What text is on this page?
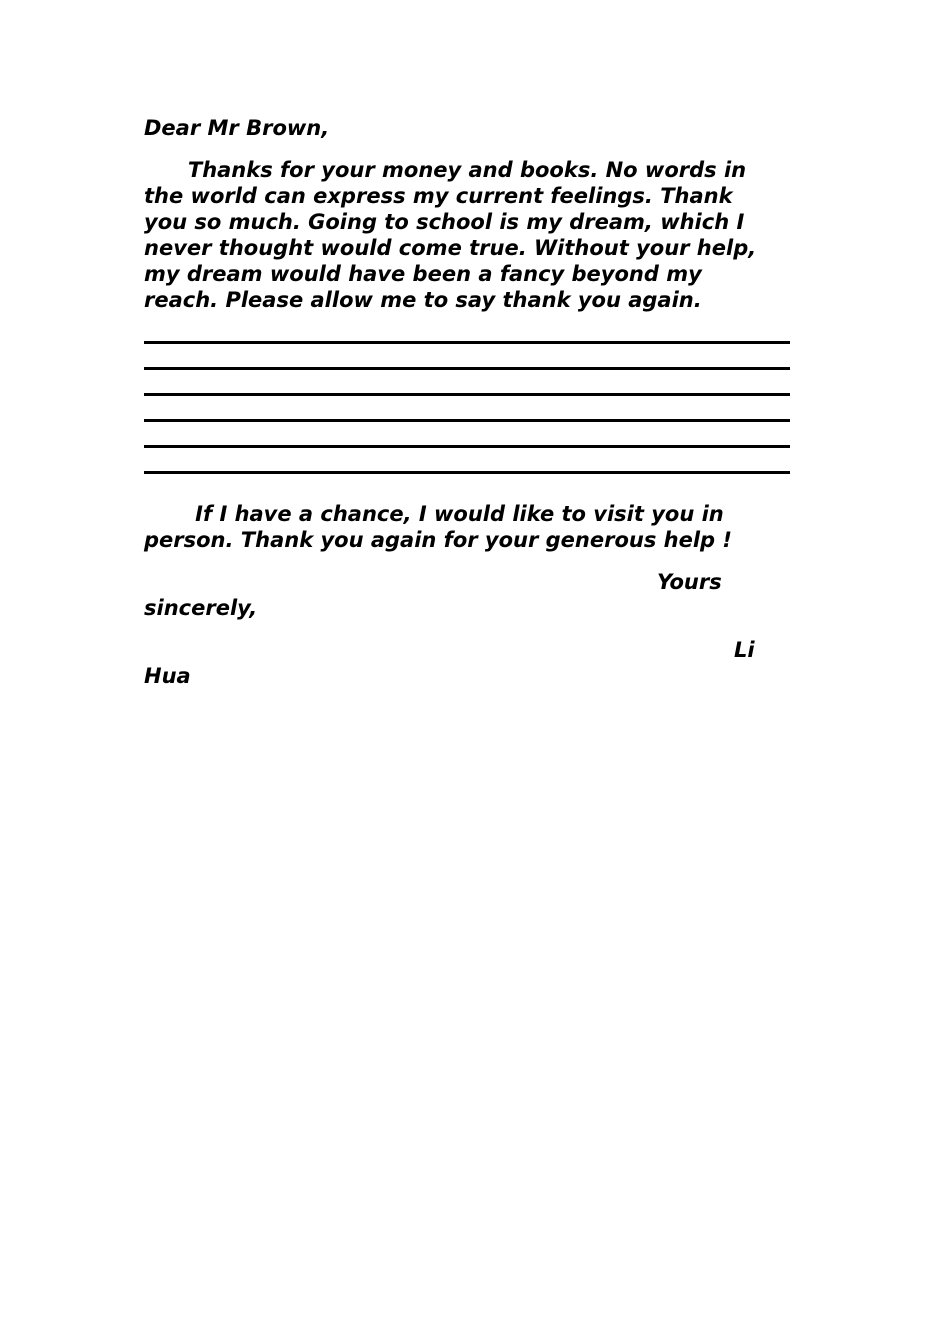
Dear Mr Brown,
Thanks for your money and books. No words in
the world can express my current feelings. Thank
you so much. Going to school is my dream, which I
never thought would come true. Without your help,
my dream would have been a fancy beyond my
reach. Please allow me to say thank you again.
If I have a chance, I would like to visit you in
person. Thank you again for your generous help !
Yours
sincerely,
Li
Hua
